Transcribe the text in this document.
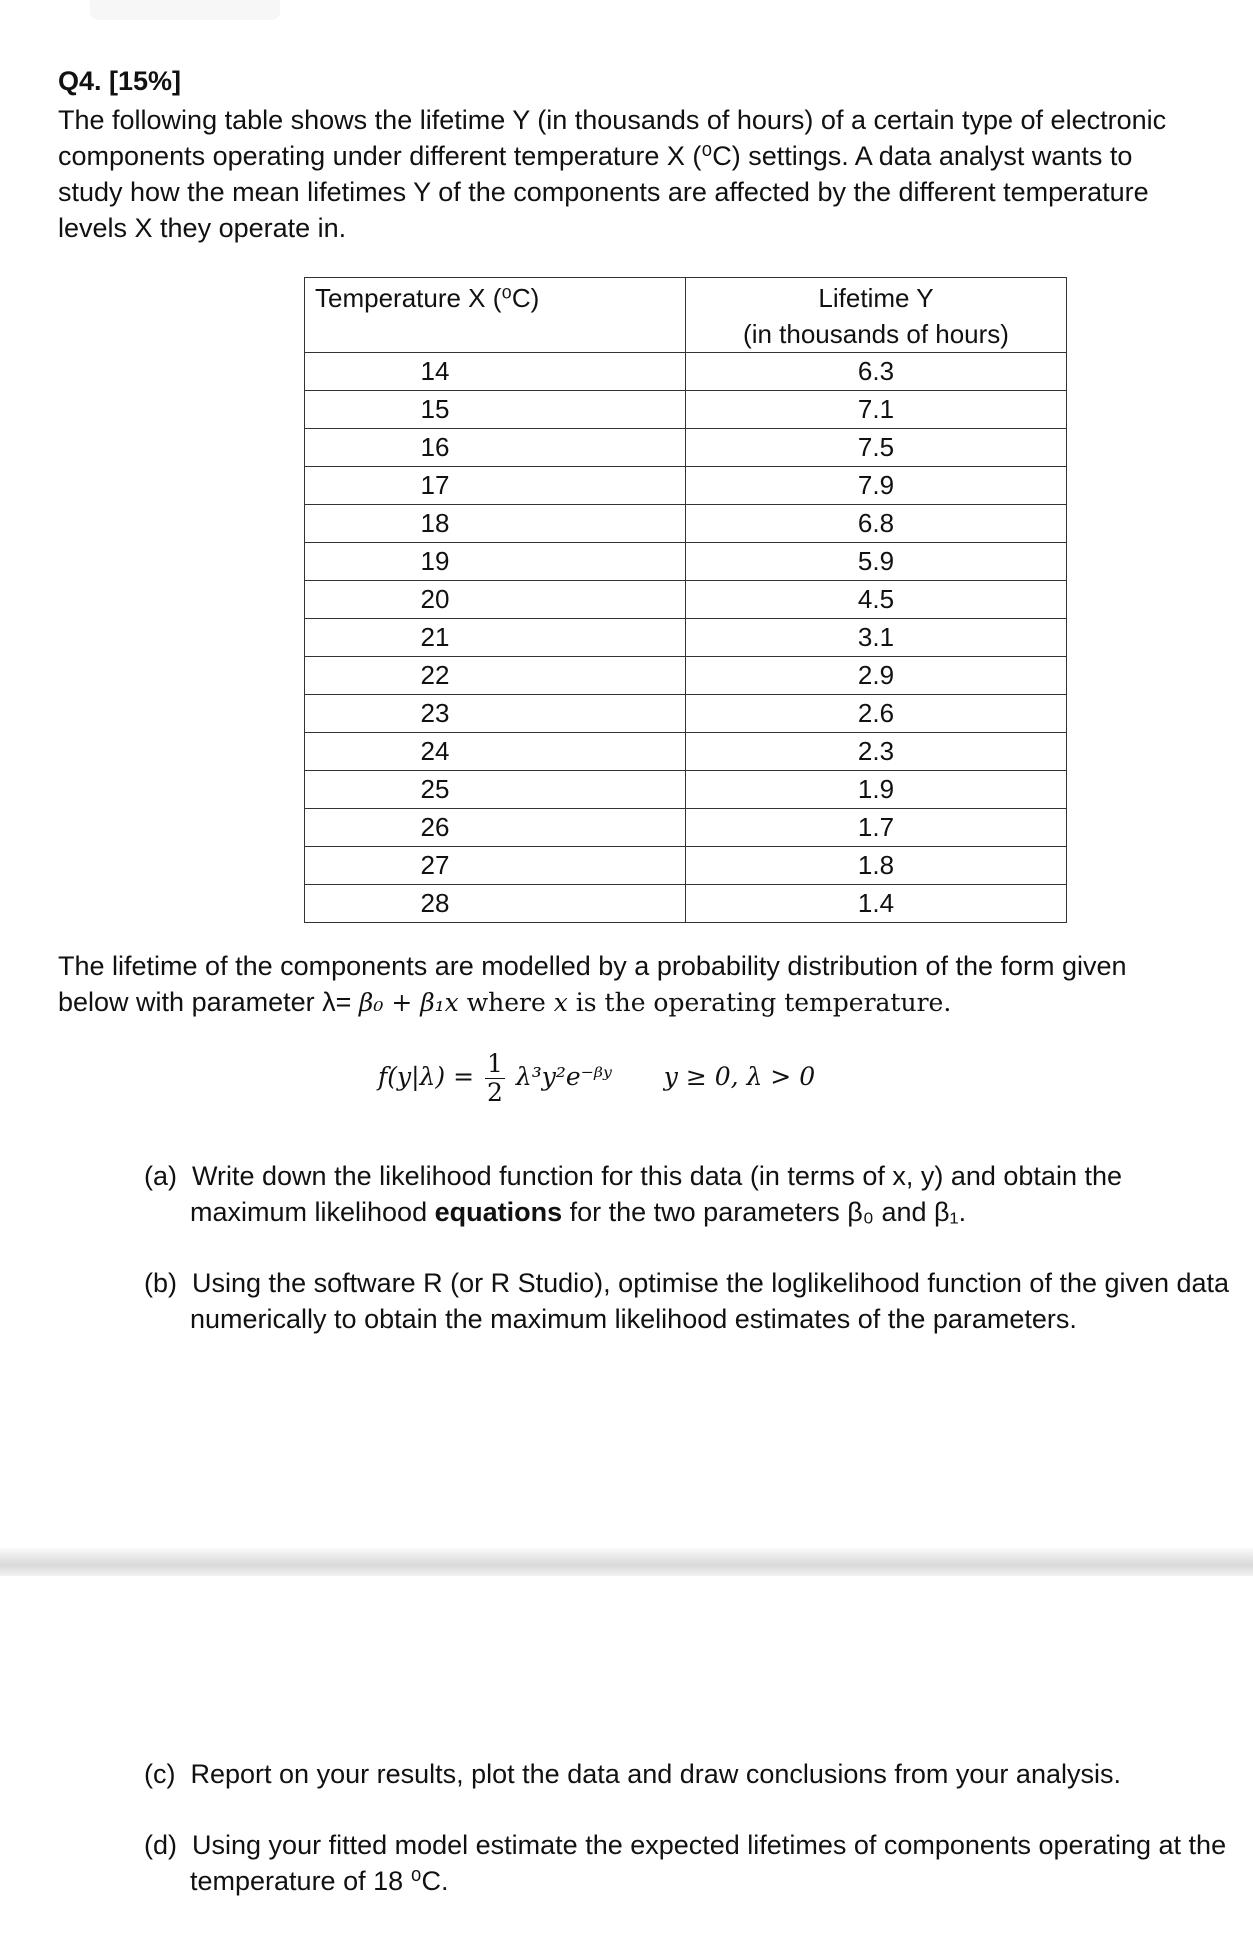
Q4. [15%]
The following table shows the lifetime Y (in thousands of hours) of a certain type of electronic components operating under different temperature X (⁰C) settings. A data analyst wants to study how the mean lifetimes Y of the components are affected by the different temperature levels X they operate in.
Temperature X (⁰C)	Lifetime Y
(in thousands of hours)
14	6.3
15	7.1
16	7.5
17	7.9
18	6.8
19	5.9
20	4.5
21	3.1
22	2.9
23	2.6
24	2.3
25	1.9
26	1.7
27	1.8
28	1.4
The lifetime of the components are modelled by a probability distribution of the form given
below with parameter λ= β₀ + β₁x where x is the operating temperature.
$f(y|\lambda) = \frac{1}{2}$ λ³y²e⁻ᵝʸ y ≥ 0, λ > 0
(a) Write down the likelihood function for this data (in terms of x, y) and obtain the maximum likelihood equations for the two parameters β₀ and β₁.
(b) Using the software R (or R Studio), optimise the loglikelihood function of the given data numerically to obtain the maximum likelihood estimates of the parameters.
(c) Report on your results, plot the data and draw conclusions from your analysis.
(d) Using your fitted model estimate the expected lifetimes of components operating at the temperature of 18 ⁰C.
